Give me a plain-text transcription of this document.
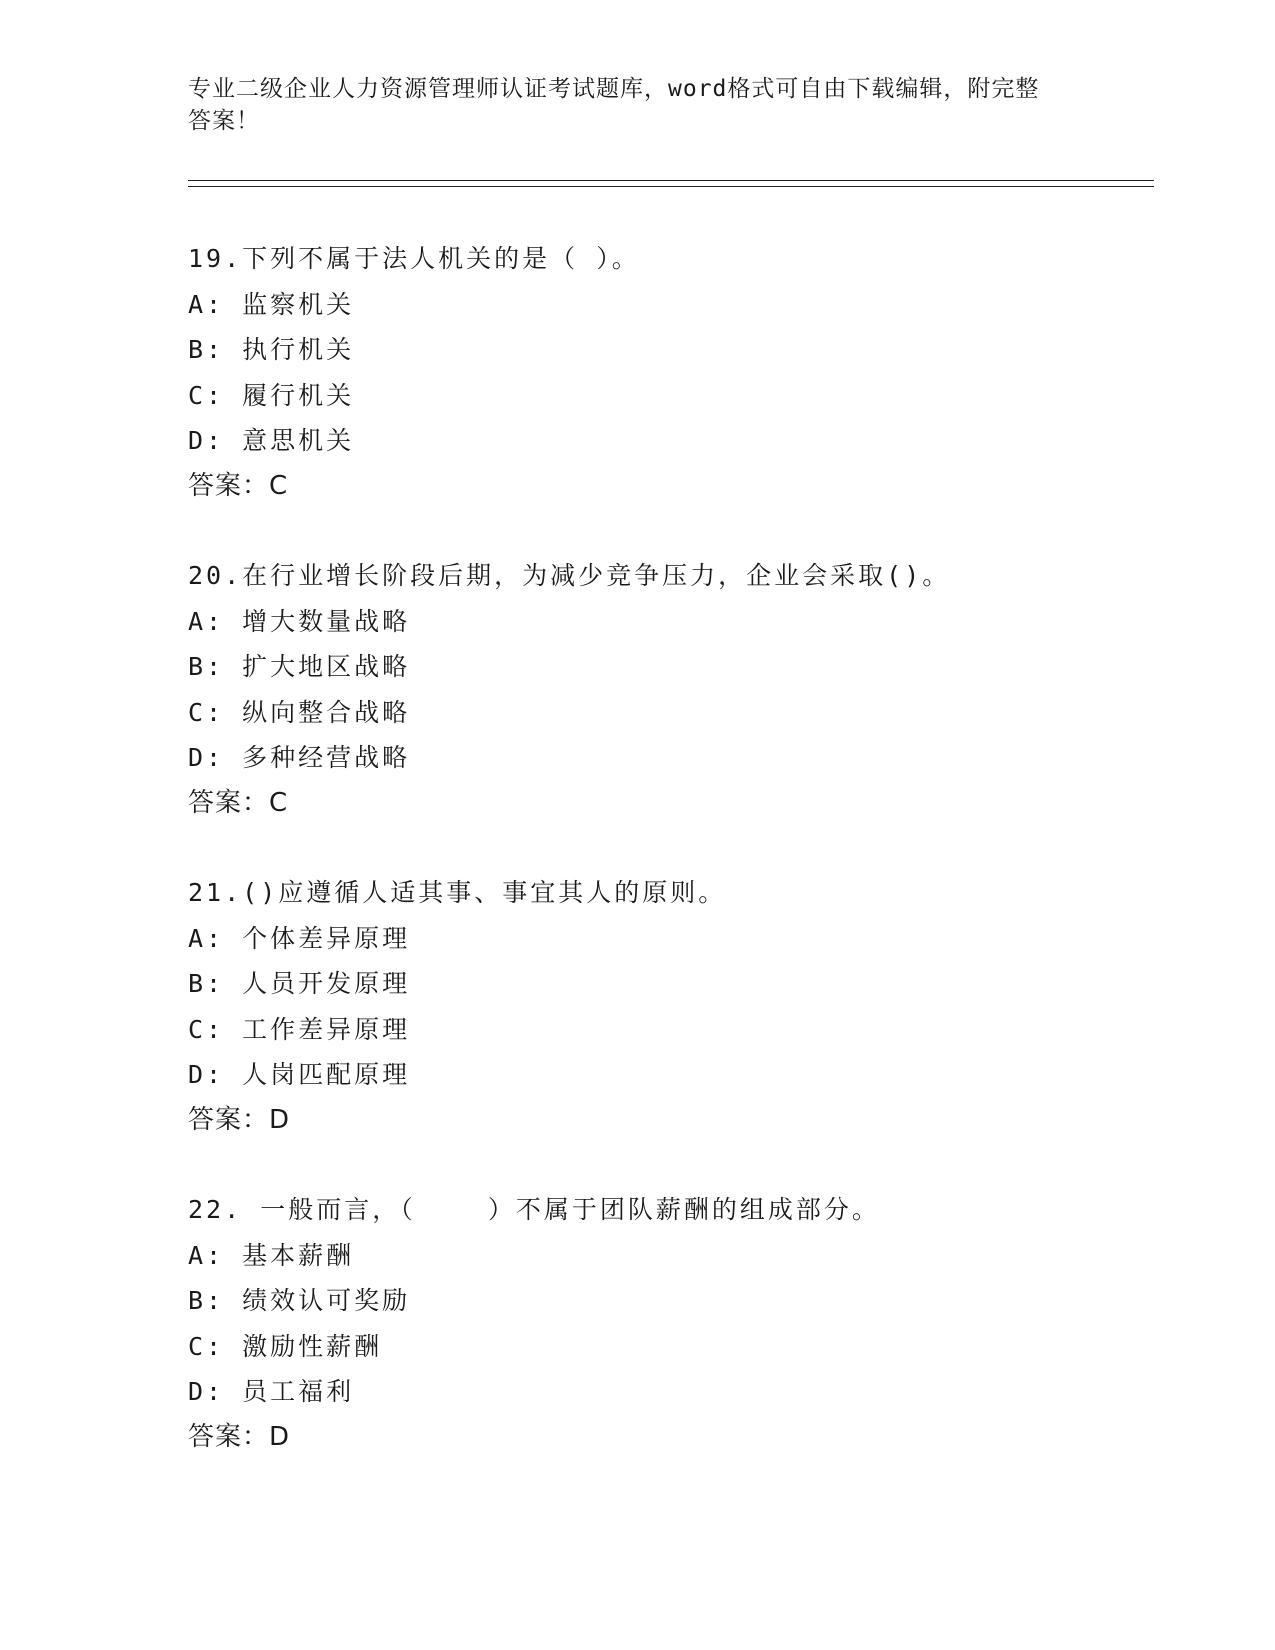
专业二级企业人力资源管理师认证考试题库，word格式可自由下载编辑，附完整
答案！
19.下列不属于法人机关的是（ ）。
A: 监察机关
B: 执行机关
C: 履行机关
D: 意思机关
答案：C
20.在行业增长阶段后期，为减少竞争压力，企业会采取()。
A: 增大数量战略
B: 扩大地区战略
C: 纵向整合战略
D: 多种经营战略
答案：C
21.()应遵循人适其事、事宜其人的原则。
A: 个体差异原理
B: 人员开发原理
C: 工作差异原理
D: 人岗匹配原理
答案：D
22. 一般而言，（    ）不属于团队薪酬的组成部分。
A: 基本薪酬
B: 绩效认可奖励
C: 激励性薪酬
D: 员工福利
答案：D
